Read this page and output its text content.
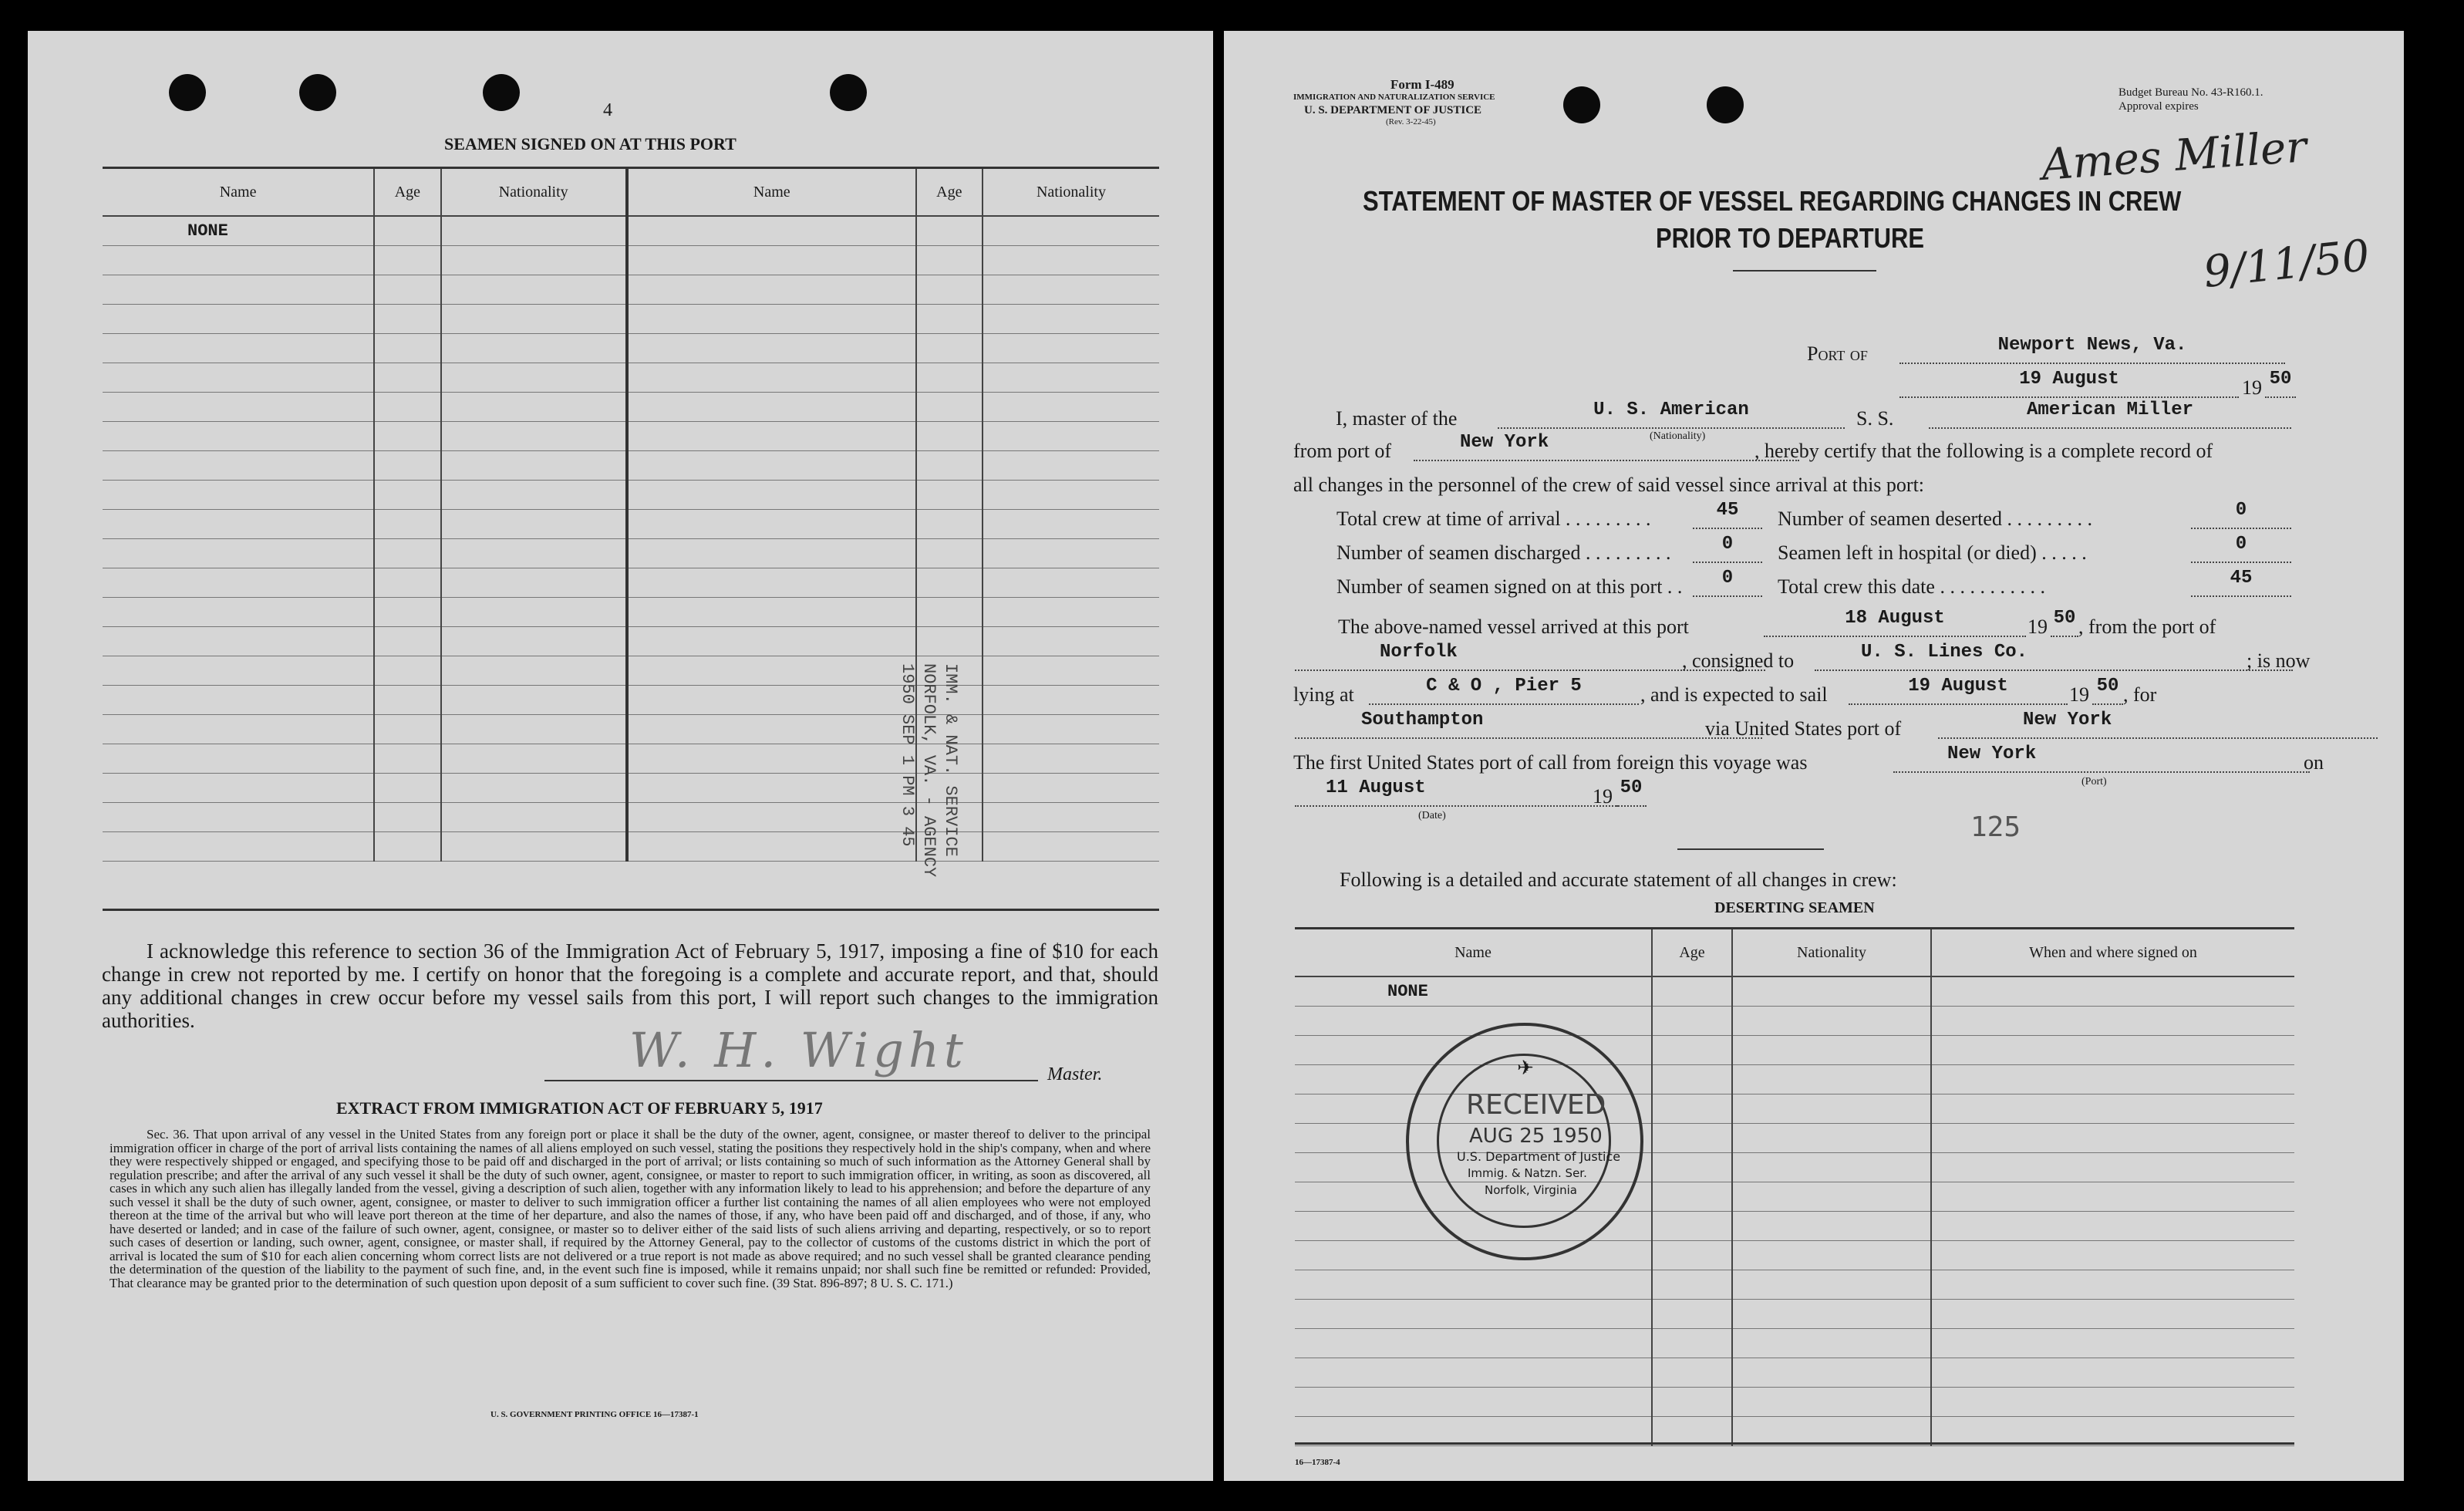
4
SEAMEN SIGNED ON AT THIS PORT
Name	Age	Nationality	Name	Age	Nationality
NONE					

IMM. & NAT. SERVICE
NORFOLK, VA. - AGENCY
1950 SEP 1 PM 3 45
I acknowledge this reference to section 36 of the Immigration Act of February 5, 1917, imposing a fine of $10 for each change in crew not reported by me. I certify on honor that the foregoing is a complete and accurate report, and that, should any additional changes in crew occur before my vessel sails from this port, I will report such changes to the immigration authorities.
W. H. Wight	Master.
EXTRACT FROM IMMIGRATION ACT OF FEBRUARY 5, 1917
Sec. 36. That upon arrival of any vessel in the United States from any foreign port or place it shall be the duty of the owner, agent, consignee, or master thereof to deliver to the principal immigration officer in charge of the port of arrival lists containing the names of all aliens employed on such vessel, stating the positions they respectively hold in the ship's company, when and where they were respectively shipped or engaged, and specifying those to be paid off and discharged in the port of arrival; or lists containing so much of such information as the Attorney General shall by regulation prescribe; and after the arrival of any such vessel it shall be the duty of such owner, agent, consignee, or master to report to such immigration officer, in writing, as soon as discovered, all cases in which any such alien has illegally landed from the vessel, giving a description of such alien, together with any information likely to lead to his apprehension; and before the departure of any such vessel it shall be the duty of such owner, agent, consignee, or master to deliver to such immigration officer a further list containing the names of all alien employees who were not employed thereon at the time of the arrival but who will leave port thereon at the time of her departure, and also the names of those, if any, who have been paid off and discharged, and of those, if any, who have deserted or landed; and in case of the failure of such owner, agent, consignee, or master so to deliver either of the said lists of such aliens arriving and departing, respectively, or so to report such cases of desertion or landing, such owner, agent, consignee, or master shall, if required by the Attorney General, pay to the collector of customs of the customs district in which the port of arrival is located the sum of $10 for each alien concerning whom correct lists are not delivered or a true report is not made as above required; and no such vessel shall be granted clearance pending the determination of the question of the liability to the payment of such fine, and, in the event such fine is imposed, while it remains unpaid; nor shall such fine be remitted or refunded: Provided, That clearance may be granted prior to the determination of such question upon deposit of a sum sufficient to cover such fine. (39 Stat. 896-897; 8 U. S. C. 171.)
U. S. GOVERNMENT PRINTING OFFICE 16—17387-1
Form I-489
IMMIGRATION AND NATURALIZATION SERVICE
U. S. DEPARTMENT OF JUSTICE
(Rev. 3-22-45)
Budget Bureau No. 43-R160.1.
Approval expires
Ames Miller
9/11/50
STATEMENT OF MASTER OF VESSEL REGARDING CHANGES IN CREW
PRIOR TO DEPARTURE
Port of	Newport News, Va.
19 August	19 50
I, master of the	U. S. American
(Nationality)
S. S.	American Miller
from port of	New York	, hereby certify that the following is a complete record of
all changes in the personnel of the crew of said vessel since arrival at this port:
Total crew at time of arrival . . . . . . . . .	45	Number of seamen deserted . . . . . . . . .	0
Number of seamen discharged . . . . . . . . .	0	Seamen left in hospital (or died) . . . . .	0
Number of seamen signed on at this port . .	0	Total crew this date . . . . . . . . . . .	45
The above-named vessel arrived at this port	18 August	19 50 , from the port of
Norfolk	, consigned to	U. S. Lines Co.	; is now
lying at	C & O , Pier 5	, and is expected to sail	19 August	19 50 , for
Southampton	via United States port of	New York
The first United States port of call from foreign this voyage was	New York
(Port)
on
11 August
(Date)
19 50
125
Following is a detailed and accurate statement of all changes in crew:
DESERTING SEAMEN
Name	Age	Nationality	When and where signed on
NONE			

✈
RECEIVED
AUG 25 1950
U.S. Department of Justice
Immig. & Natzn. Ser.
Norfolk, Virginia
16—17387-4
